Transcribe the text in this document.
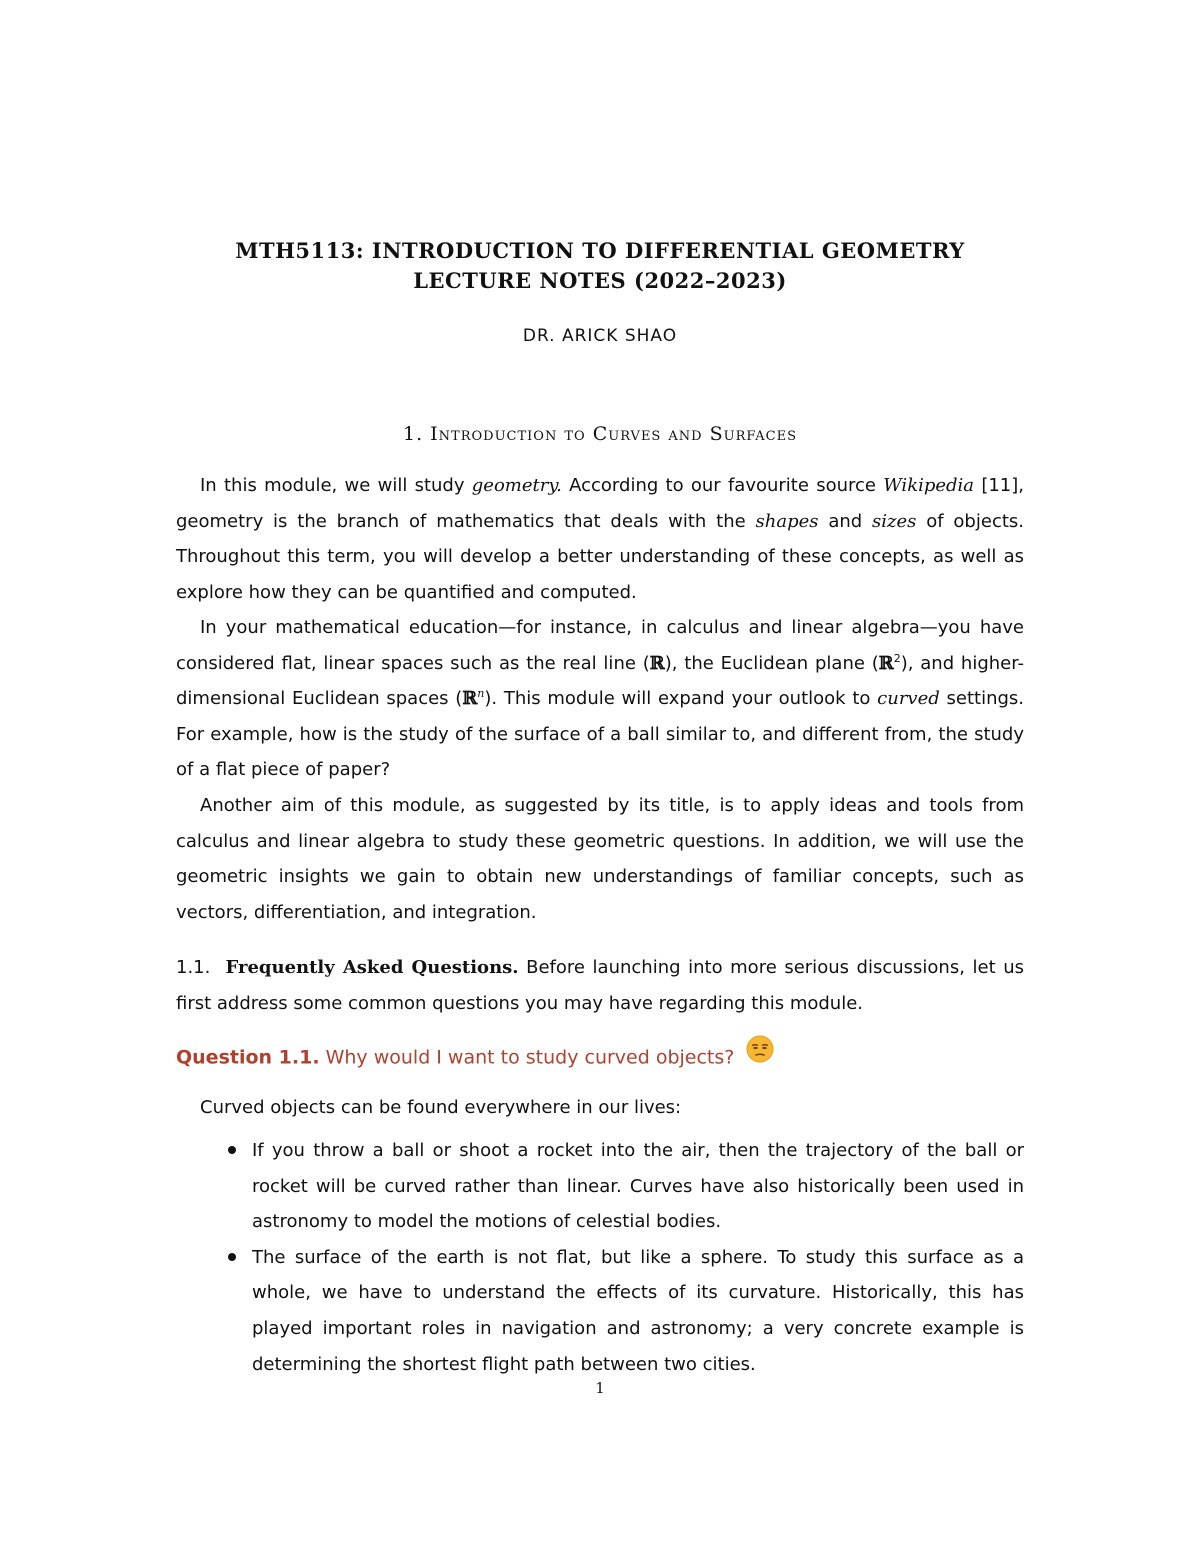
MTH5113: INTRODUCTION TO DIFFERENTIAL GEOMETRY
LECTURE NOTES (2022–2023)
DR. ARICK SHAO
1. Introduction to Curves and Surfaces

In this module, we will study geometry. According to our favourite source Wikipedia [11], geometry is the branch of mathematics that deals with the shapes and sizes of objects. Throughout this term, you will develop a better understanding of these concepts, as well as explore how they can be quantified and computed.

In your mathematical education—for instance, in calculus and linear algebra—you have considered flat, linear spaces such as the real line (ℝ), the Euclidean plane (ℝ$^2$), and higher-dimensional Euclidean spaces (ℝ$^n$). This module will expand your outlook to curved settings. For example, how is the study of the surface of a ball similar to, and different from, the study of a flat piece of paper?

Another aim of this module, as suggested by its title, is to apply ideas and tools from calculus and linear algebra to study these geometric questions. In addition, we will use the geometric insights we gain to obtain new understandings of familiar concepts, such as vectors, differentiation, and integration.

1.1. Frequently Asked Questions. Before launching into more serious discussions, let us first address some common questions you may have regarding this module.

Question 1.1. Why would I want to study curved objects?

Curved objects can be found everywhere in our lives:

If you throw a ball or shoot a rocket into the air, then the trajectory of the ball or rocket will be curved rather than linear. Curves have also historically been used in astronomy to model the motions of celestial bodies.
The surface of the earth is not flat, but like a sphere. To study this surface as a whole, we have to understand the effects of its curvature. Historically, this has played important roles in navigation and astronomy; a very concrete example is determining the shortest flight path between two cities.
1
